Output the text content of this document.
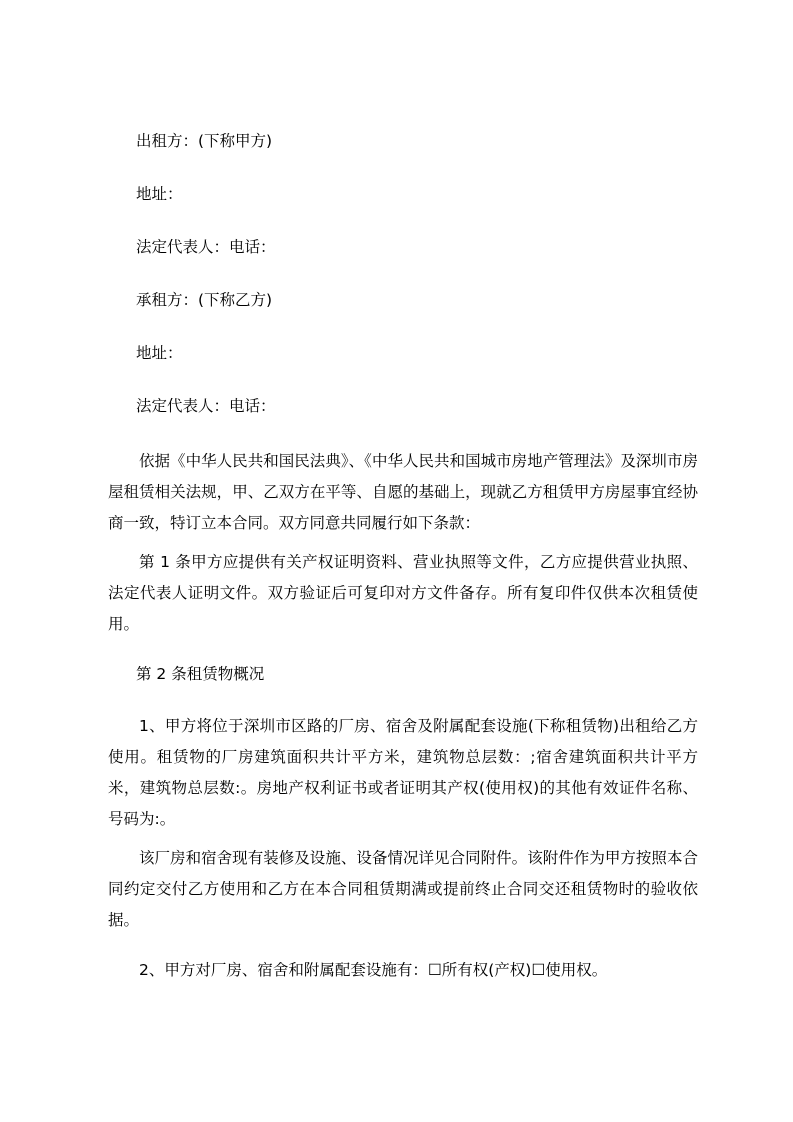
出租方：(下称甲方)

地址：

法定代表人：电话：

承租方：(下称乙方)

地址：

法定代表人：电话：

依据《中华人民共和国民法典》、《中华人民共和国城市房地产管理法》及深圳市房屋租赁相关法规，甲、乙双方在平等、自愿的基础上，现就乙方租赁甲方房屋事宜经协商一致，特订立本合同。双方同意共同履行如下条款：

第 1 条甲方应提供有关产权证明资料、营业执照等文件，乙方应提供营业执照、法定代表人证明文件。双方验证后可复印对方文件备存。所有复印件仅供本次租赁使用。

第 2 条租赁物概况

1、甲方将位于深圳市区路的厂房、宿舍及附属配套设施(下称租赁物)出租给乙方使用。租赁物的厂房建筑面积共计平方米，建筑物总层数：;宿舍建筑面积共计平方米，建筑物总层数:。房地产权利证书或者证明其产权(使用权)的其他有效证件名称、号码为:。

该厂房和宿舍现有装修及设施、设备情况详见合同附件。该附件作为甲方按照本合同约定交付乙方使用和乙方在本合同租赁期满或提前终止合同交还租赁物时的验收依据。

2、甲方对厂房、宿舍和附属配套设施有：☐所有权(产权)☐使用权。
